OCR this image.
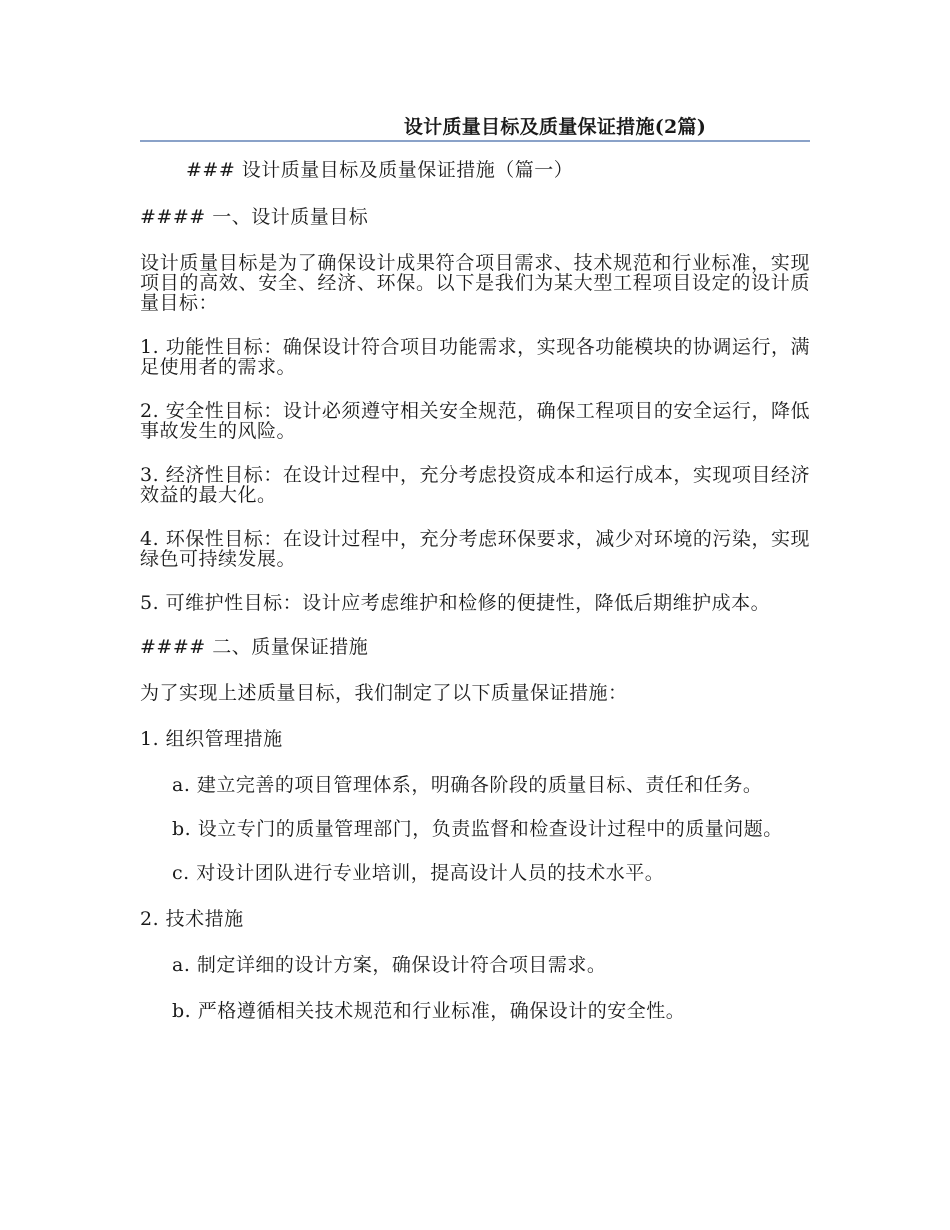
设计质量目标及质量保证措施(2篇)

### 设计质量目标及质量保证措施（篇一）

#### 一、设计质量目标

设计质量目标是为了确保设计成果符合项目需求、技术规范和行业标准，实现项目的高效、安全、经济、环保。以下是我们为某大型工程项目设定的设计质量目标：

1. 功能性目标：确保设计符合项目功能需求，实现各功能模块的协调运行，满足使用者的需求。

2. 安全性目标：设计必须遵守相关安全规范，确保工程项目的安全运行，降低事故发生的风险。

3. 经济性目标：在设计过程中，充分考虑投资成本和运行成本，实现项目经济效益的最大化。

4. 环保性目标：在设计过程中，充分考虑环保要求，减少对环境的污染，实现绿色可持续发展。

5. 可维护性目标：设计应考虑维护和检修的便捷性，降低后期维护成本。

#### 二、质量保证措施

为了实现上述质量目标，我们制定了以下质量保证措施：

1. 组织管理措施

a. 建立完善的项目管理体系，明确各阶段的质量目标、责任和任务。

b. 设立专门的质量管理部门，负责监督和检查设计过程中的质量问题。

c. 对设计团队进行专业培训，提高设计人员的技术水平。

2. 技术措施

a. 制定详细的设计方案，确保设计符合项目需求。

b. 严格遵循相关技术规范和行业标准，确保设计的安全性。
